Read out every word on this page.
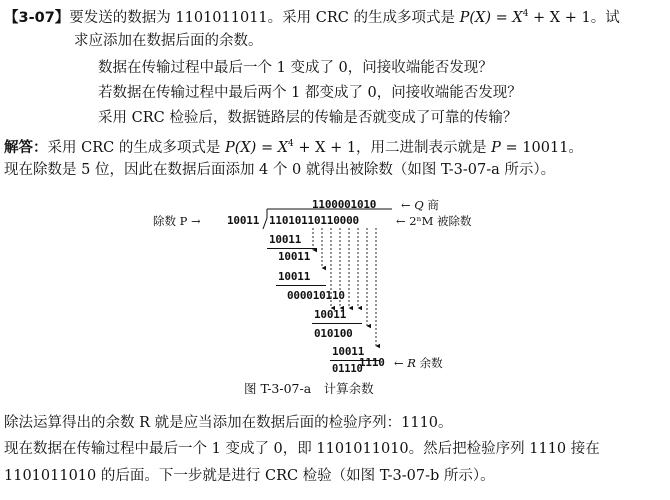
【3-07】要发送的数据为 1101011011。采用 CRC 的生成多项式是 $P(X) = X^4 + X + 1$。试
求应添加在数据后面的余数。
数据在传输过程中最后一个 1 变成了 0，问接收端能否发现？
若数据在传输过程中最后两个 1 都变成了 0，问接收端能否发现？
采用 CRC 检验后，数据链路层的传输是否就变成了可靠的传输？
解答：采用 CRC 的生成多项式是 $P(X) = X^4 + X + 1$，用二进制表示就是 P = 10011。
现在除数是 5 位，因此在数据后面添加 4 个 0 就得出被除数（如图 T-3-07-a 所示）。
1100001010 ← Q 商
除数 P → 10011 11010110110000	← 2ⁿM 被除数
10011
10011
10011
000010110
10011
010100
10011
01110
1110 ← R 余数
图 T-3-07-a　计算余数
除法运算得出的余数 R 就是应当添加在数据后面的检验序列：1110。
现在数据在传输过程中最后一个 1 变成了 0，即 1101011010。然后把检验序列 1110 接在
1101011010 的后面。下一步就是进行 CRC 检验（如图 T-3-07-b 所示）。
